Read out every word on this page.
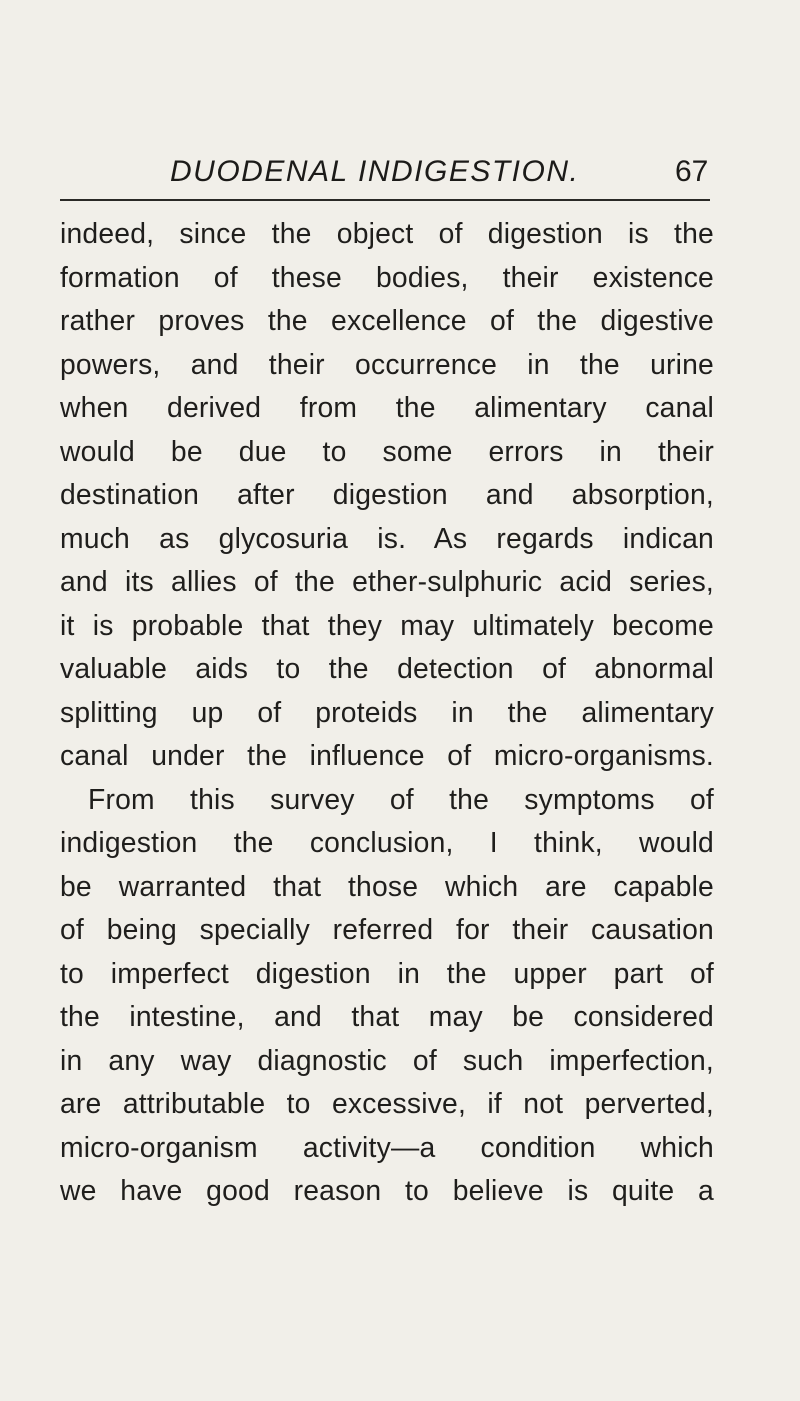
DUODENAL INDIGESTION.	67
indeed, since the object of digestion is the
formation of these bodies, their existence
rather proves the excellence of the digestive
powers, and their occurrence in the urine
when derived from the alimentary canal
would be due to some errors in their
destination after digestion and absorption,
much as glycosuria is. As regards indican
and its allies of the ether-sulphuric acid series,
it is probable that they may ultimately become
valuable aids to the detection of abnormal
splitting up of proteids in the alimentary
canal under the influence of micro-organisms.
From this survey of the symptoms of
indigestion the conclusion, I think, would
be warranted that those which are capable
of being specially referred for their causation
to imperfect digestion in the upper part of
the intestine, and that may be considered
in any way diagnostic of such imperfection,
are attributable to excessive, if not perverted,
micro-organism activity—a condition which
we have good reason to believe is quite a
